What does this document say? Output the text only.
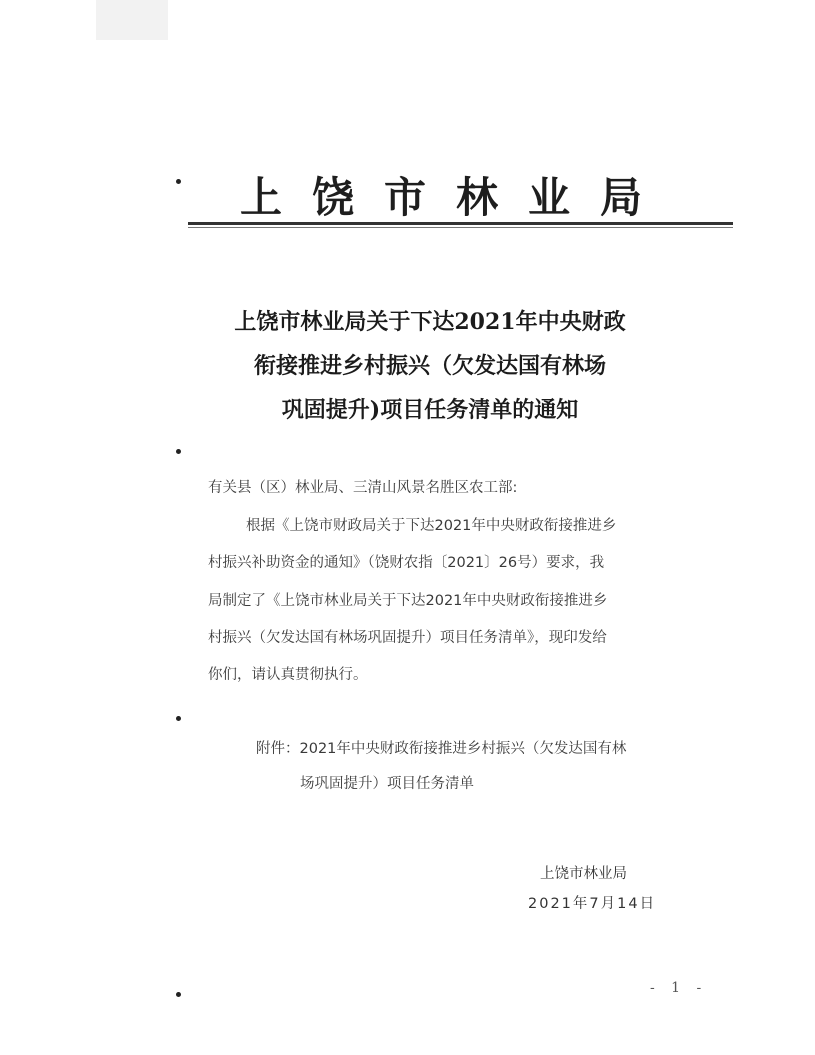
上饶市林业局
上饶市林业局关于下达2021年中央财政
衔接推进乡村振兴（欠发达国有林场
巩固提升)项目任务清单的通知
有关县（区）林业局、三清山风景名胜区农工部:
根据《上饶市财政局关于下达2021年中央财政衔接推进乡
村振兴补助资金的通知》（饶财农指〔2021〕26号）要求，我
局制定了《上饶市林业局关于下达2021年中央财政衔接推进乡
村振兴（欠发达国有林场巩固提升）项目任务清单》，现印发给
你们，请认真贯彻执行。
附件：2021年中央财政衔接推进乡村振兴（欠发达国有林
场巩固提升）项目任务清单
上饶市林业局
2021年7月14日
- 1 -
